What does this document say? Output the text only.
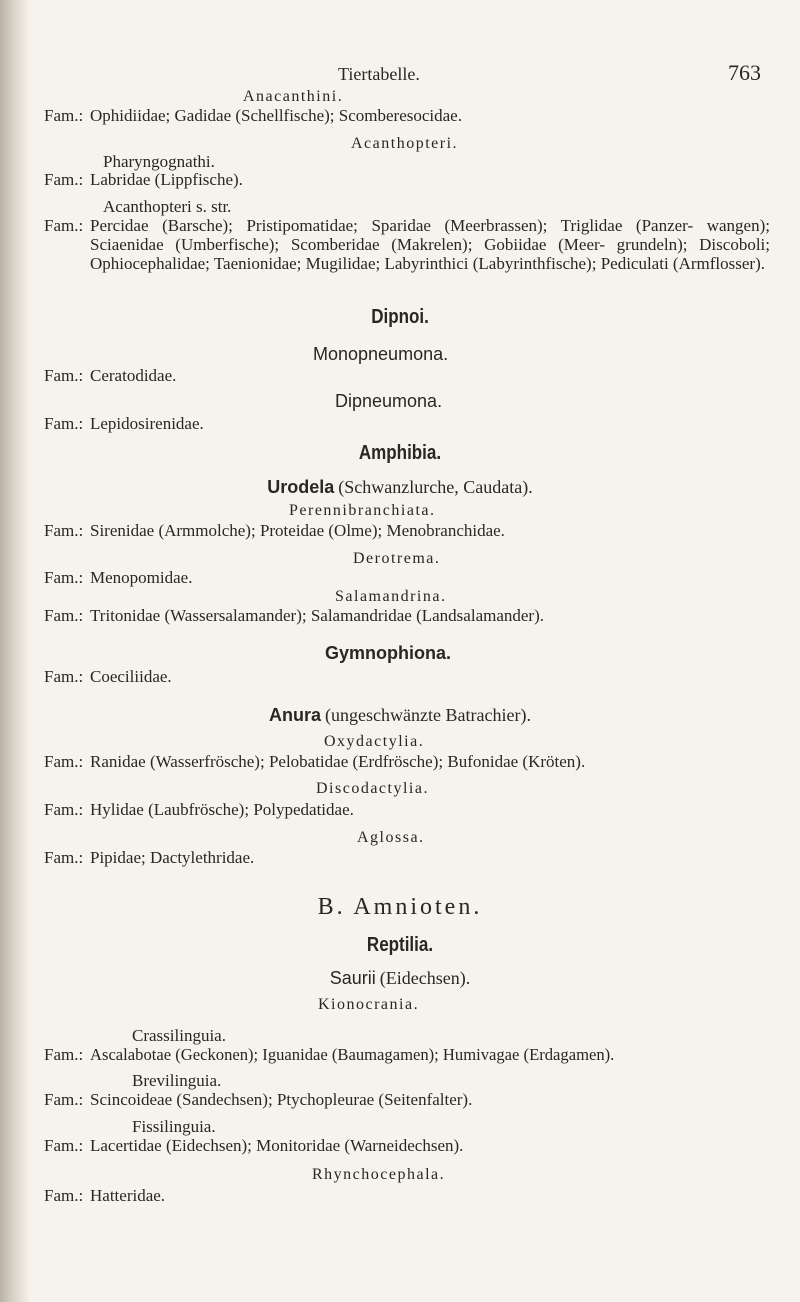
Tiertabelle.	763
Anacanthini.
Fam.: Ophidiidae; Gadidae (Schellfische); Scomberesocidae.
Acanthopteri.
Pharyngognathi.
Fam.: Labridae (Lippfische).
Acanthopteri s. str.
Fam.: Percidae (Barsche); Pristipomatidae; Sparidae (Meerbrassen); Triglidae (Panzer- wangen); Sciaenidae (Umberfische); Scomberidae (Makrelen); Gobiidae (Meer- grundeln); Discoboli; Ophiocephalidae; Taenionidae; Mugilidae; Labyrinthici (Labyrinthfische); Pediculati (Armflosser).
Dipnoi.
Monopneumona.
Fam.: Ceratodidae.
Dipneumona.
Fam.: Lepidosirenidae.
Amphibia.
Urodela (Schwanzlurche, Caudata).
Perennibranchiata.
Fam.: Sirenidae (Armmolche); Proteidae (Olme); Menobranchidae.
Derotrema.
Fam.: Menopomidae.
Salamandrina.
Fam.: Tritonidae (Wassersalamander); Salamandridae (Landsalamander).
Gymnophiona.
Fam.: Coeciliidae.
Anura (ungeschwänzte Batrachier).
Oxydactylia.
Fam.: Ranidae (Wasserfrösche); Pelobatidae (Erdfrösche); Bufonidae (Kröten).
Discodactylia.
Fam.: Hylidae (Laubfrösche); Polypedatidae.
Aglossa.
Fam.: Pipidae; Dactylethridae.
B. Amnioten.
Reptilia.
Saurii (Eidechsen).
Kionocrania.
Crassilinguia.
Fam.: Ascalabotae (Geckonen); Iguanidae (Baumagamen); Humivagae (Erdagamen).
Brevilinguia.
Fam.: Scincoideae (Sandechsen); Ptychopleurae (Seitenfalter).
Fissilinguia.
Fam.: Lacertidae (Eidechsen); Monitoridae (Warneidechsen).
Rhynchocephala.
Fam.: Hatteridae.
